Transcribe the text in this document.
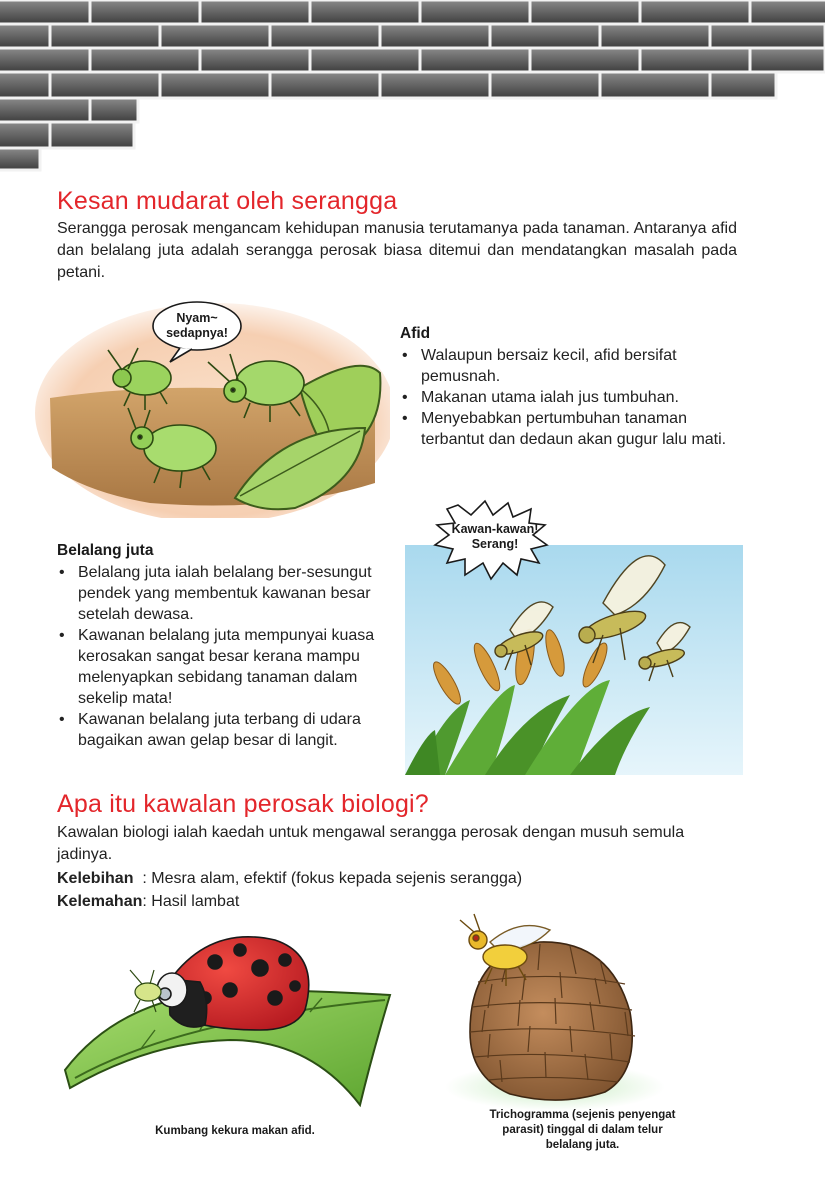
Kesan mudarat oleh serangga

Serangga perosak mengancam kehidupan manusia terutamanya pada tanaman. Antaranya afid dan belalang juta adalah serangga perosak biasa ditemui dan mendatangkan masalah pada petani.

Nyam~
sedapnya!	Afid
• Walaupun bersaiz kecil, afid bersifat pemusnah.
• Makanan utama ialah jus tumbuhan.
• Menyebabkan pertumbuhan tanaman terbantut dan dedaun akan gugur lalu mati.
Belalang juta
• Belalang juta ialah belalang ber-sesungut pendek yang membentuk kawanan besar setelah dewasa.
• Kawanan belalang juta mempunyai kuasa kerosakan sangat besar kerana mampu melenyapkan sebidang tanaman dalam sekelip mata!
• Kawanan belalang juta terbang di udara bagaikan awan gelap besar di langit.
Kawan-kawan!
Serang!
Apa itu kawalan perosak biologi?

Kawalan biologi ialah kaedah untuk mengawal serangga perosak dengan musuh semula jadinya.

Kelebihan : Mesra alam, efektif (fokus kepada sejenis serangga)
Kelemahan: Hasil lambat
Kumbang kekura makan afid.
Trichogramma (sejenis penyengat parasit) tinggal di dalam telur belalang juta.
